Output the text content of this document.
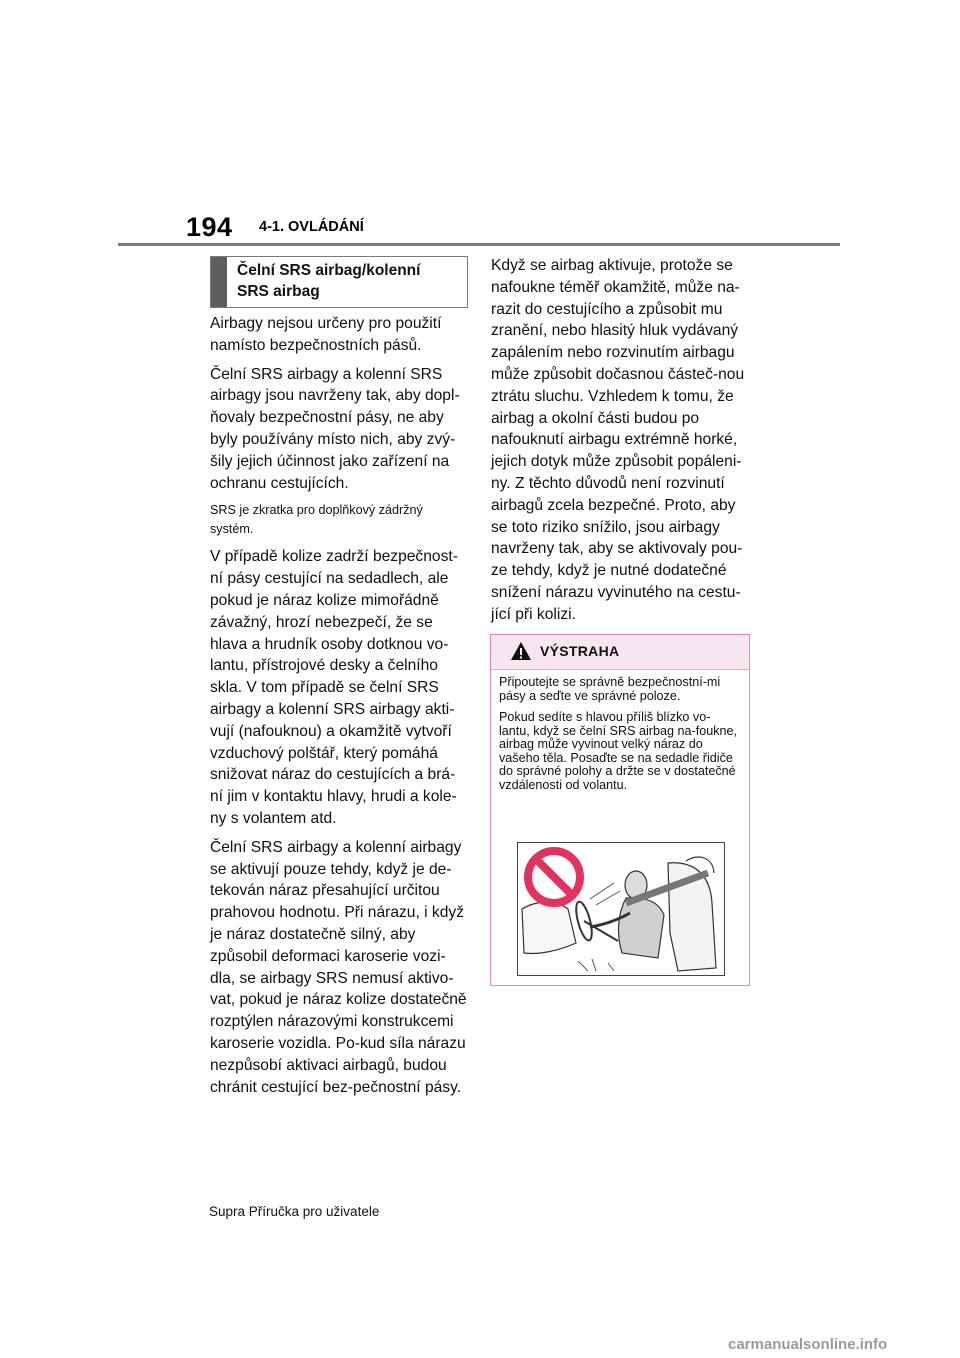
194 4-1. OVLÁDÁNÍ
Čelní SRS airbag/kolenní
SRS airbag

Airbagy nejsou určeny pro použití namísto bezpečnostních pásů.

Čelní SRS airbagy a kolenní SRS airbagy jsou navrženy tak, aby dopl-ňovaly bezpečnostní pásy, ne aby byly používány místo nich, aby zvý-šily jejich účinnost jako zařízení na ochranu cestujících.

SRS je zkratka pro doplňkový zádržný systém.

V případě kolize zadrží bezpečnost-ní pásy cestující na sedadlech, ale pokud je náraz kolize mimořádně závažný, hrozí nebezpečí, že se hlava a hrudník osoby dotknou vo-lantu, přístrojové desky a čelního skla. V tom případě se čelní SRS airbagy a kolenní SRS airbagy akti-vují (nafouknou) a okamžitě vytvoří vzduchový polštář, který pomáhá snižovat náraz do cestujících a brá-ní jim v kontaktu hlavy, hrudi a kole-ny s volantem atd.

Čelní SRS airbagy a kolenní airbagy se aktivují pouze tehdy, když je de-tekován náraz přesahující určitou prahovou hodnotu. Při nárazu, i když je náraz dostatečně silný, aby způsobil deformaci karoserie vozi-dla, se airbagy SRS nemusí aktivo-vat, pokud je náraz kolize dostatečně rozptýlen nárazovými konstrukcemi karoserie vozidla. Po-kud síla nárazu nezpůsobí aktivaci airbagů, budou chránit cestující bez-pečnostní pásy.

Když se airbag aktivuje, protože se nafoukne téměř okamžitě, může na-razit do cestujícího a způsobit mu zranění, nebo hlasitý hluk vydávaný zapálením nebo rozvinutím airbagu může způsobit dočasnou částeč-nou ztrátu sluchu. Vzhledem k tomu, že airbag a okolní části budou po nafouknutí airbagu extrémně horké, jejich dotyk může způsobit popáleni-ny. Z těchto důvodů není rozvinutí airbagů zcela bezpečné. Proto, aby se toto riziko snížilo, jsou airbagy navrženy tak, aby se aktivovaly pou-ze tehdy, když je nutné dodatečné snížení nárazu vyvinutého na cestu-jící při kolizi.

VÝSTRAHA

Připoutejte se správně bezpečnostní-mi pásy a seďte ve správné poloze.

Pokud sedíte s hlavou příliš blízko vo-lantu, když se čelní SRS airbag na-foukne, airbag může vyvinout velký náraz do vašeho těla. Posaďte se na sedadle řidiče do správné polohy a držte se v dostatečné vzdálenosti od volantu.

Supra Příručka pro uživatele
carmanualsonline.info
